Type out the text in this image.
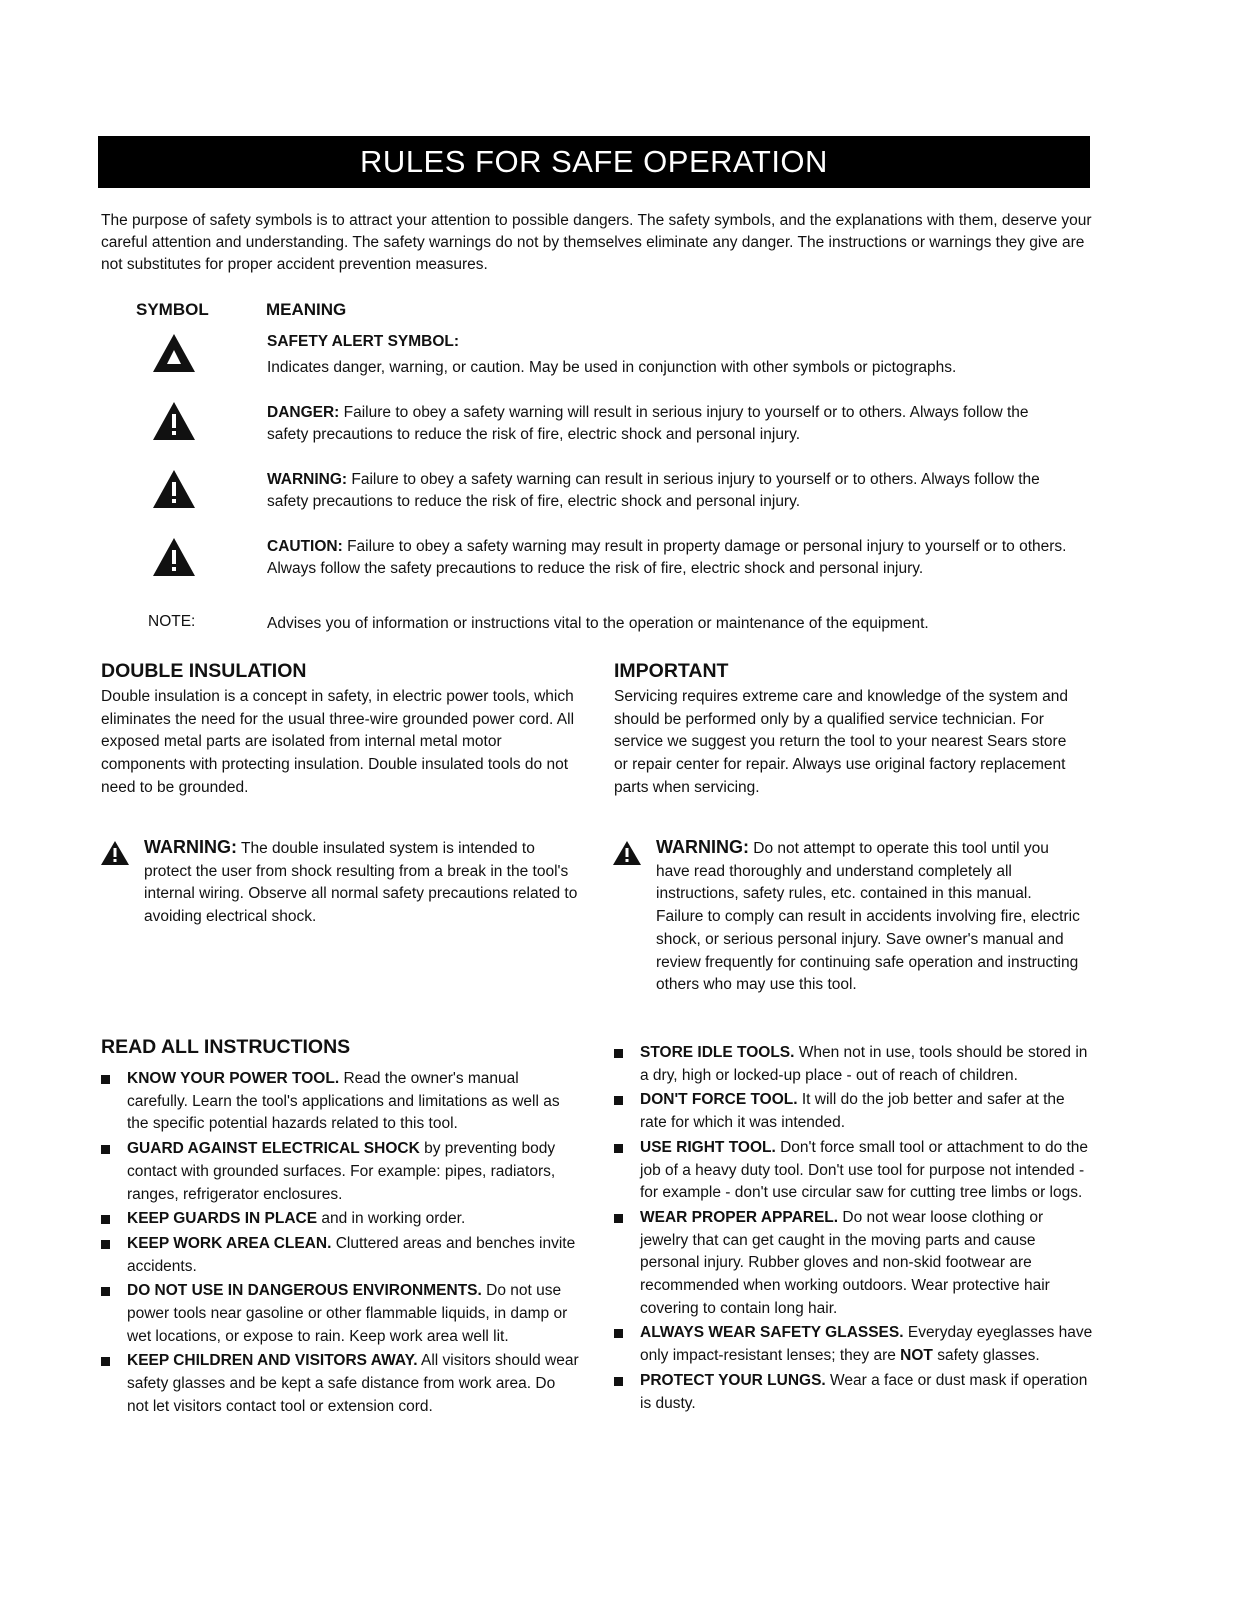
RULES FOR SAFE OPERATION

The purpose of safety symbols is to attract your attention to possible dangers. The safety symbols, and the explanations with them, deserve your careful attention and understanding. The safety warnings do not by themselves eliminate any danger. The instructions or warnings they give are not substitutes for proper accident prevention measures.

SYMBOL	MEANING
SAFETY ALERT SYMBOL:

Indicates danger, warning, or caution. May be used in conjunction with other symbols or pictographs.

DANGER: Failure to obey a safety warning will result in serious injury to yourself or to others. Always follow the safety precautions to reduce the risk of fire, electric shock and personal injury.

WARNING: Failure to obey a safety warning can result in serious injury to yourself or to others. Always follow the safety precautions to reduce the risk of fire, electric shock and personal injury.

CAUTION: Failure to obey a safety warning may result in property damage or personal injury to yourself or to others. Always follow the safety precautions to reduce the risk of fire, electric shock and personal injury.

NOTE:	Advises you of information or instructions vital to the operation or maintenance of the equipment.

DOUBLE INSULATION

Double insulation is a concept in safety, in electric power tools, which eliminates the need for the usual three-wire grounded power cord. All exposed metal parts are isolated from internal metal motor components with protecting insulation. Double insulated tools do not need to be grounded.

WARNING: The double insulated system is intended to protect the user from shock resulting from a break in the tool's internal wiring. Observe all normal safety precautions related to avoiding electrical shock.

IMPORTANT

Servicing requires extreme care and knowledge of the system and should be performed only by a qualified service technician. For service we suggest you return the tool to your nearest Sears store or repair center for repair. Always use original factory replacement parts when servicing.

WARNING: Do not attempt to operate this tool until you have read thoroughly and understand completely all instructions, safety rules, etc. contained in this manual. Failure to comply can result in accidents involving fire, electric shock, or serious personal injury. Save owner's manual and review frequently for continuing safe operation and instructing others who may use this tool.

READ ALL INSTRUCTIONS
KNOW YOUR POWER TOOL. Read the owner's manual carefully. Learn the tool's applications and limitations as well as the specific potential hazards related to this tool.
GUARD AGAINST ELECTRICAL SHOCK by preventing body contact with grounded surfaces. For example: pipes, radiators, ranges, refrigerator enclosures.
KEEP GUARDS IN PLACE and in working order.
KEEP WORK AREA CLEAN. Cluttered areas and benches invite accidents.
DO NOT USE IN DANGEROUS ENVIRONMENTS. Do not use power tools near gasoline or other flammable liquids, in damp or wet locations, or expose to rain. Keep work area well lit.
KEEP CHILDREN AND VISITORS AWAY. All visitors should wear safety glasses and be kept a safe distance from work area. Do not let visitors contact tool or extension cord.
STORE IDLE TOOLS. When not in use, tools should be stored in a dry, high or locked-up place - out of reach of children.
DON'T FORCE TOOL. It will do the job better and safer at the rate for which it was intended.
USE RIGHT TOOL. Don't force small tool or attachment to do the job of a heavy duty tool. Don't use tool for purpose not intended - for example - don't use circular saw for cutting tree limbs or logs.
WEAR PROPER APPAREL. Do not wear loose clothing or jewelry that can get caught in the moving parts and cause personal injury. Rubber gloves and non-skid footwear are recommended when working outdoors. Wear protective hair covering to contain long hair.
ALWAYS WEAR SAFETY GLASSES. Everyday eyeglasses have only impact-resistant lenses; they are NOT safety glasses.
PROTECT YOUR LUNGS. Wear a face or dust mask if operation is dusty.
